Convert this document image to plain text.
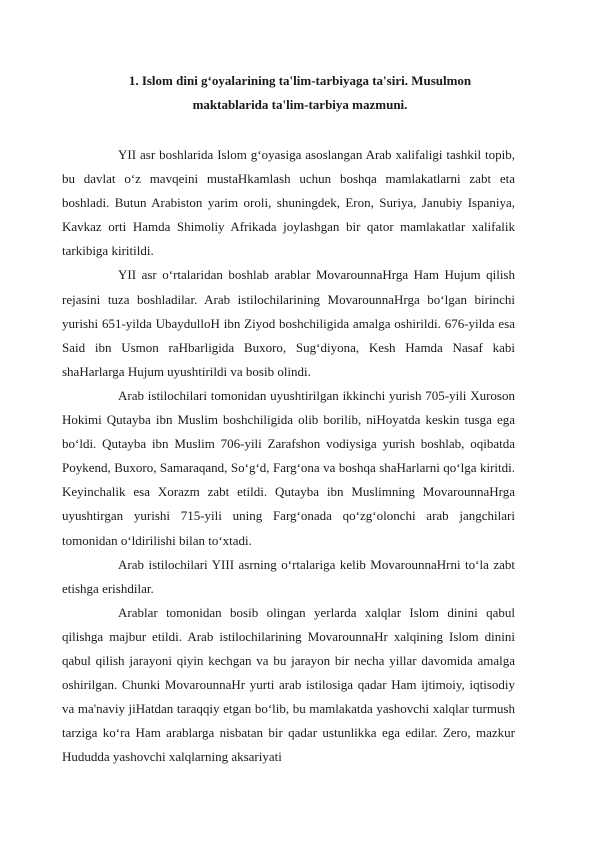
1. Islom dini g‘oyalarining ta'lim-tarbiyaga ta'siri. Musulmon
maktablarida ta'lim-tarbiya mazmuni.

YII asr boshlarida Islom g‘oyasiga asoslangan Arab xalifaligi tashkil topib, bu davlat o‘z mavqeini mustaHkamlash uchun boshqa mamlakatlarni zabt eta boshladi. Butun Arabiston yarim oroli, shuningdek, Eron, Suriya, Janubiy Ispaniya, Kavkaz orti Hamda Shimoliy Afrikada joylashgan bir qator mamlakatlar xalifalik tarkibiga kiritildi.

YII asr o‘rtalaridan boshlab arablar MovarounnaHrga Ham Hujum qilish rejasini tuza boshladilar. Arab istilochilarining MovarounnaHrga bo‘lgan birinchi yurishi 651-yilda UbaydulloH ibn Ziyod boshchiligida amalga oshirildi. 676-yilda esa Said ibn Usmon raHbarligida Buxoro, Sug‘diyona, Kesh Hamda Nasaf kabi shaHarlarga Hujum uyushtirildi va bosib olindi.

Arab istilochilari tomonidan uyushtirilgan ikkinchi yurish 705-yili Xuroson Hokimi Qutayba ibn Muslim boshchiligida olib borilib, niHoyatda keskin tusga ega bo‘ldi. Qutayba ibn Muslim 706-yili Zarafshon vodiysiga yurish boshlab, oqibatda Poykend, Buxoro, Samaraqand, So‘g‘d, Farg‘ona va boshqa shaHarlarni qo‘lga kiritdi. Keyinchalik esa Xorazm zabt etildi. Qutayba ibn Muslimning MovarounnaHrga uyushtirgan yurishi 715-yili uning Farg‘onada qo‘zg‘olonchi arab jangchilari tomonidan o‘ldirilishi bilan to‘xtadi.

Arab istilochilari YIII asrning o‘rtalariga kelib MovarounnaHrni to‘la zabt etishga erishdilar.

Arablar tomonidan bosib olingan yerlarda xalqlar Islom dinini qabul qilishga majbur etildi. Arab istilochilarining MovarounnaHr xalqining Islom dinini qabul qilish jarayoni qiyin kechgan va bu jarayon bir necha yillar davomida amalga oshirilgan. Chunki MovarounnaHr yurti arab istilosiga qadar Ham ijtimoiy, iqtisodiy va ma'naviy jiHatdan taraqqiy etgan bo‘lib, bu mamlakatda yashovchi xalqlar turmush tarziga ko‘ra Ham arablarga nisbatan bir qadar ustunlikka ega edilar. Zero, mazkur Hududda yashovchi xalqlarning aksariyati
